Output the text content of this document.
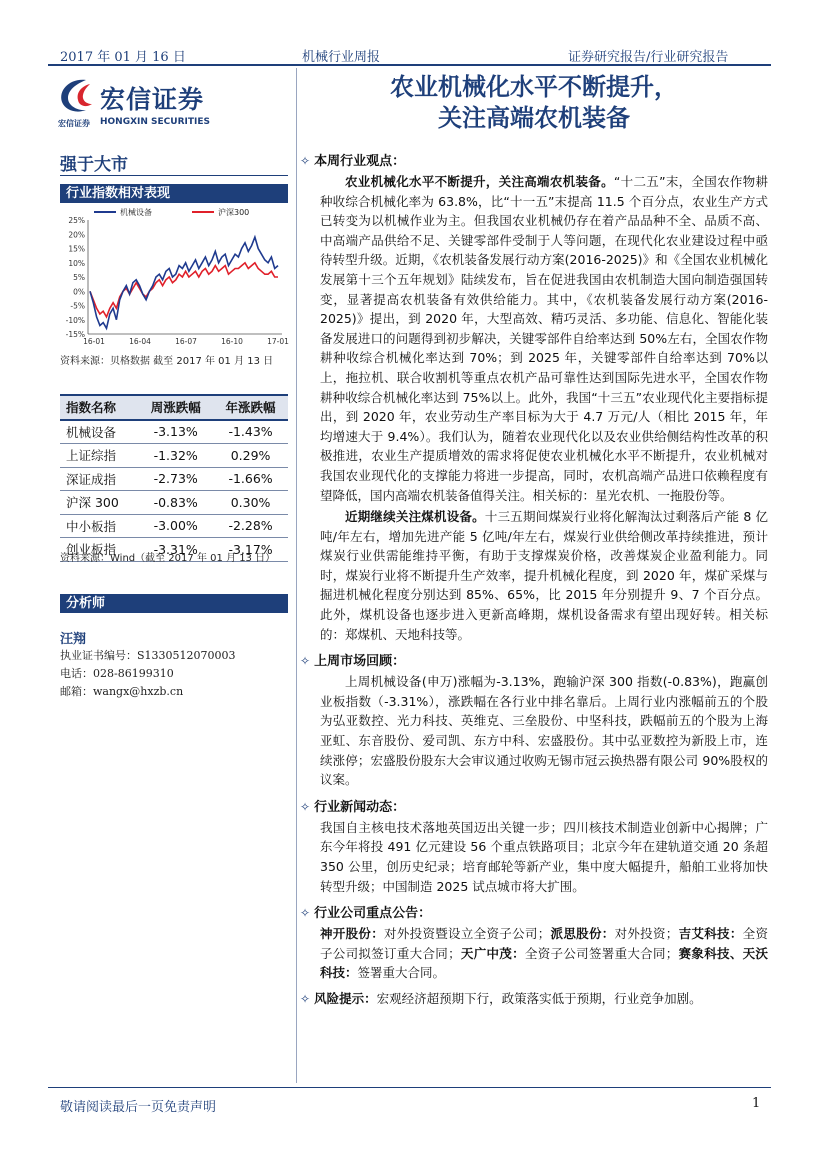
2017 年 01 月 16 日	机械行业周报	证券研究报告/行业研究报告
宏信证券
宏信证券 HONGXIN SECURITIES
农业机械化水平不断提升，
关注高端农机装备
强于大市
行业指数相对表现
25%
20%
15%
10%
5%
0%
-5%
-10%
-15%
16-01	16-04	16-07	16-10	17-01
机械设备	沪深300
资料来源：贝格数据 截至 2017 年 01 月 13 日
指数名称	周涨跌幅	年涨跌幅
机械设备	-3.13%	-1.43%
上证综指	-1.32%	0.29%
深证成指	-2.73%	-1.66%
沪深 300	-0.83%	0.30%
中小板指	-3.00%	-2.28%
创业板指	-3.31%	-3.17%
资料来源：Wind（截至 2017 年 01 月 13 日）
分析师
汪翔
执业证书编号：S1330512070003
电话：028-86199310
邮箱：wangx@hxzb.cn
✧ 本周行业观点：

农业机械化水平不断提升，关注高端农机装备。“十二五”末，全国农作物耕种收综合机械化率为 63.8%，比“十一五”末提高 11.5 个百分点，农业生产方式已转变为以机械作业为主。但我国农业机械仍存在着产品品种不全、品质不高、中高端产品供给不足、关键零部件受制于人等问题，在现代化农业建设过程中亟待转型升级。近期，《农机装备发展行动方案(2016-2025)》和《全国农业机械化发展第十三个五年规划》陆续发布，旨在促进我国由农机制造大国向制造强国转变，显著提高农机装备有效供给能力。其中，《农机装备发展行动方案(2016-2025)》提出，到 2020 年，大型高效、精巧灵活、多功能、信息化、智能化装备发展进口的问题得到初步解决，关键零部件自给率达到 50%左右，全国农作物耕种收综合机械化率达到 70%；到 2025 年，关键零部件自给率达到 70%以上，拖拉机、联合收割机等重点农机产品可靠性达到国际先进水平，全国农作物耕种收综合机械化率达到 75%以上。此外，我国“十三五”农业现代化主要指标提出，到 2020 年，农业劳动生产率目标为大于 4.7 万元/人（相比 2015 年，年均增速大于 9.4%）。我们认为，随着农业现代化以及农业供给侧结构性改革的积极推进，农业生产提质增效的需求将促使农业机械化水平不断提升，农业机械对我国农业现代化的支撑能力将进一步提高，同时，农机高端产品进口依赖程度有望降低，国内高端农机装备值得关注。相关标的：星光农机、一拖股份等。

近期继续关注煤机设备。十三五期间煤炭行业将化解淘汰过剩落后产能 8 亿吨/年左右，增加先进产能 5 亿吨/年左右，煤炭行业供给侧改革持续推进，预计煤炭行业供需能维持平衡，有助于支撑煤炭价格，改善煤炭企业盈利能力。同时，煤炭行业将不断提升生产效率，提升机械化程度，到 2020 年，煤矿采煤与掘进机械化程度分别达到 85%、65%，比 2015 年分别提升 9、7 个百分点。此外，煤机设备也逐步进入更新高峰期，煤机设备需求有望出现好转。相关标的：郑煤机、天地科技等。

✧ 上周市场回顾：

上周机械设备(申万)涨幅为-3.13%，跑输沪深 300 指数(-0.83%)，跑赢创业板指数（-3.31%），涨跌幅在各行业中排名靠后。上周行业内涨幅前五的个股为弘亚数控、光力科技、英维克、三垒股份、中坚科技，跌幅前五的个股为上海亚虹、东音股份、爱司凯、东方中科、宏盛股份。其中弘亚数控为新股上市，连续涨停；宏盛股份股东大会审议通过收购无锡市冠云换热器有限公司 90%股权的议案。

✧ 行业新闻动态：

我国自主核电技术落地英国迈出关键一步；四川核技术制造业创新中心揭牌；广东今年将投 491 亿元建设 56 个重点铁路项目；北京今年在建轨道交通 20 条超 350 公里，创历史纪录；培育邮轮等新产业，集中度大幅提升，船舶工业将加快转型升级；中国制造 2025 试点城市将大扩围。

✧ 行业公司重点公告：

神开股份：对外投资暨设立全资子公司；派思股份：对外投资；吉艾科技：全资子公司拟签订重大合同；天广中茂：全资子公司签署重大合同；赛象科技、天沃科技：签署重大合同。

✧ 风险提示：宏观经济超预期下行，政策落实低于预期，行业竞争加剧。
敬请阅读最后一页免责声明	1
